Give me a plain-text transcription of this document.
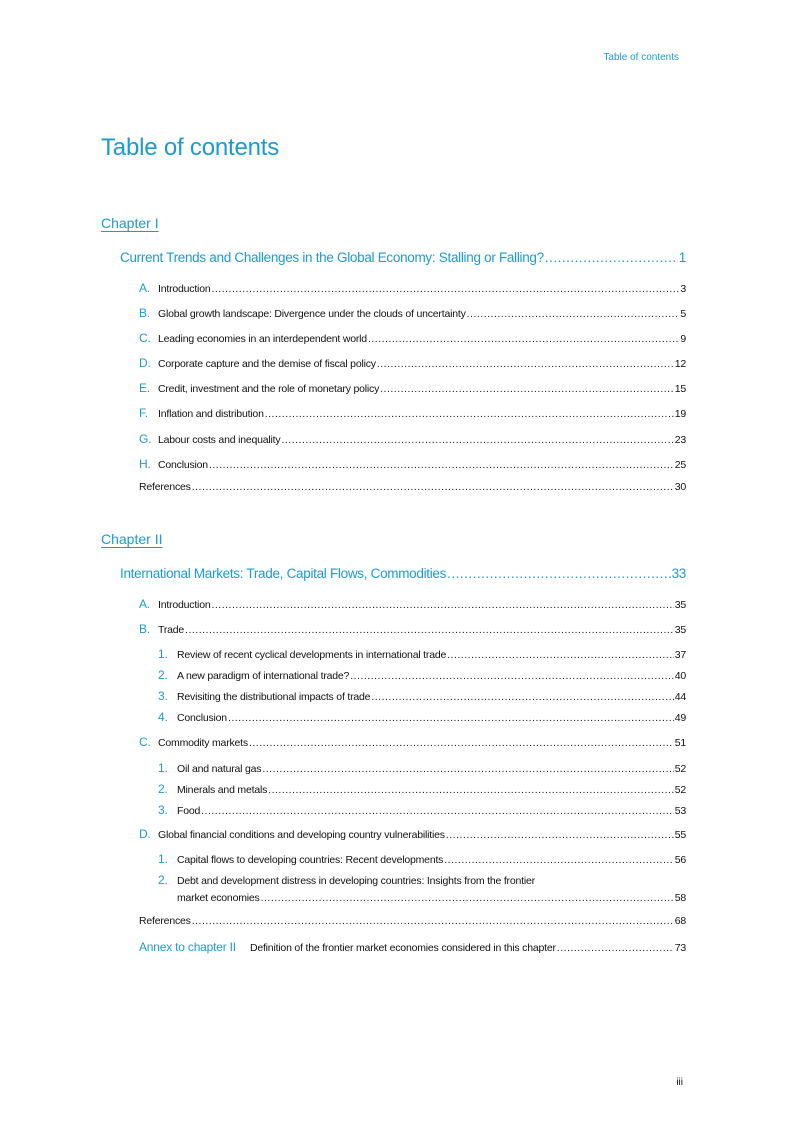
Table of contents
Table of contents
Chapter I
Current Trends and Challenges in the Global Economy: Stalling or Falling? .....	1
A. Introduction .....	3
B. Global growth landscape: Divergence under the clouds of uncertainty .....	5
C. Leading economies in an interdependent world .....	9
D. Corporate capture and the demise of fiscal policy .....	12
E. Credit, investment and the role of monetary policy .....	15
F. Inflation and distribution .....	19
G. Labour costs and inequality .....	23
H. Conclusion .....	25
References .....	30
Chapter II
International Markets: Trade, Capital Flows, Commodities .....	33
A. Introduction .....	35
B. Trade .....	35
1. Review of recent cyclical developments in international trade .....	37
2. A new paradigm of international trade? .....	40
3. Revisiting the distributional impacts of trade .....	44
4. Conclusion .....	49
C. Commodity markets .....	51
1. Oil and natural gas .....	52
2. Minerals and metals .....	52
3. Food .....	53
D. Global financial conditions and developing country vulnerabilities .....	55
1. Capital flows to developing countries: Recent developments .....	56
2. Debt and development distress in developing countries: Insights from the frontier
market economies .....	58
References .....	68
Annex to chapter II Definition of the frontier market economies considered in this chapter .....	73
iii
